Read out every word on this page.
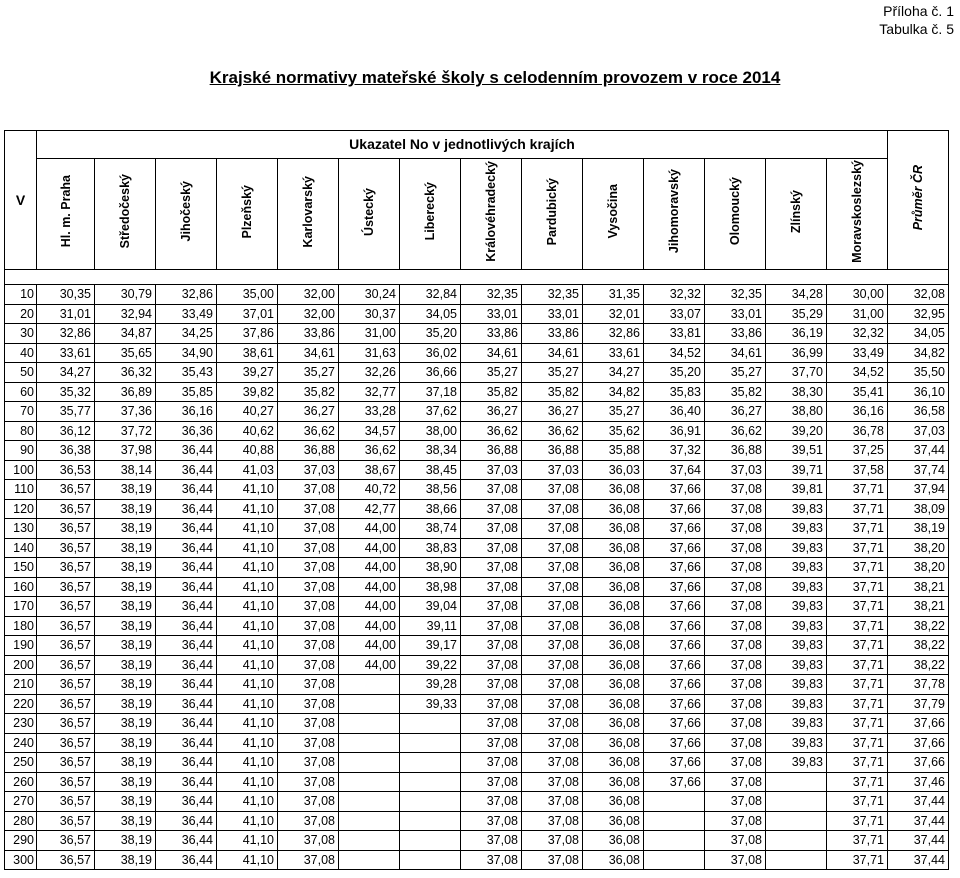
Příloha č. 1
Tabulka č. 5
Krajské normativy mateřské školy s celodenním provozem v roce 2014
V	Ukazatel No v jednotlivých krajích														Průměr ČR
	Hl. m. Praha	Středočeský	Jihočeský	Plzeňský	Karlovarský	Ústecký	Liberecký	Královéhradecký	Pardubický	Vysočina	Jihomoravský	Olomoucký	Zlínský	Moravskoslezský	

10	30,35	30,79	32,86	35,00	32,00	30,24	32,84	32,35	32,35	31,35	32,32	32,35	34,28	30,00	32,08
20	31,01	32,94	33,49	37,01	32,00	30,37	34,05	33,01	33,01	32,01	33,07	33,01	35,29	31,00	32,95
30	32,86	34,87	34,25	37,86	33,86	31,00	35,20	33,86	33,86	32,86	33,81	33,86	36,19	32,32	34,05
40	33,61	35,65	34,90	38,61	34,61	31,63	36,02	34,61	34,61	33,61	34,52	34,61	36,99	33,49	34,82
50	34,27	36,32	35,43	39,27	35,27	32,26	36,66	35,27	35,27	34,27	35,20	35,27	37,70	34,52	35,50
60	35,32	36,89	35,85	39,82	35,82	32,77	37,18	35,82	35,82	34,82	35,83	35,82	38,30	35,41	36,10
70	35,77	37,36	36,16	40,27	36,27	33,28	37,62	36,27	36,27	35,27	36,40	36,27	38,80	36,16	36,58
80	36,12	37,72	36,36	40,62	36,62	34,57	38,00	36,62	36,62	35,62	36,91	36,62	39,20	36,78	37,03
90	36,38	37,98	36,44	40,88	36,88	36,62	38,34	36,88	36,88	35,88	37,32	36,88	39,51	37,25	37,44
100	36,53	38,14	36,44	41,03	37,03	38,67	38,45	37,03	37,03	36,03	37,64	37,03	39,71	37,58	37,74
110	36,57	38,19	36,44	41,10	37,08	40,72	38,56	37,08	37,08	36,08	37,66	37,08	39,81	37,71	37,94
120	36,57	38,19	36,44	41,10	37,08	42,77	38,66	37,08	37,08	36,08	37,66	37,08	39,83	37,71	38,09
130	36,57	38,19	36,44	41,10	37,08	44,00	38,74	37,08	37,08	36,08	37,66	37,08	39,83	37,71	38,19
140	36,57	38,19	36,44	41,10	37,08	44,00	38,83	37,08	37,08	36,08	37,66	37,08	39,83	37,71	38,20
150	36,57	38,19	36,44	41,10	37,08	44,00	38,90	37,08	37,08	36,08	37,66	37,08	39,83	37,71	38,20
160	36,57	38,19	36,44	41,10	37,08	44,00	38,98	37,08	37,08	36,08	37,66	37,08	39,83	37,71	38,21
170	36,57	38,19	36,44	41,10	37,08	44,00	39,04	37,08	37,08	36,08	37,66	37,08	39,83	37,71	38,21
180	36,57	38,19	36,44	41,10	37,08	44,00	39,11	37,08	37,08	36,08	37,66	37,08	39,83	37,71	38,22
190	36,57	38,19	36,44	41,10	37,08	44,00	39,17	37,08	37,08	36,08	37,66	37,08	39,83	37,71	38,22
200	36,57	38,19	36,44	41,10	37,08	44,00	39,22	37,08	37,08	36,08	37,66	37,08	39,83	37,71	38,22
210	36,57	38,19	36,44	41,10	37,08		39,28	37,08	37,08	36,08	37,66	37,08	39,83	37,71	37,78
220	36,57	38,19	36,44	41,10	37,08		39,33	37,08	37,08	36,08	37,66	37,08	39,83	37,71	37,79
230	36,57	38,19	36,44	41,10	37,08			37,08	37,08	36,08	37,66	37,08	39,83	37,71	37,66
240	36,57	38,19	36,44	41,10	37,08			37,08	37,08	36,08	37,66	37,08	39,83	37,71	37,66
250	36,57	38,19	36,44	41,10	37,08			37,08	37,08	36,08	37,66	37,08	39,83	37,71	37,66
260	36,57	38,19	36,44	41,10	37,08			37,08	37,08	36,08	37,66	37,08		37,71	37,46
270	36,57	38,19	36,44	41,10	37,08			37,08	37,08	36,08		37,08		37,71	37,44
280	36,57	38,19	36,44	41,10	37,08			37,08	37,08	36,08		37,08		37,71	37,44
290	36,57	38,19	36,44	41,10	37,08			37,08	37,08	36,08		37,08		37,71	37,44
300	36,57	38,19	36,44	41,10	37,08			37,08	37,08	36,08		37,08		37,71	37,44
